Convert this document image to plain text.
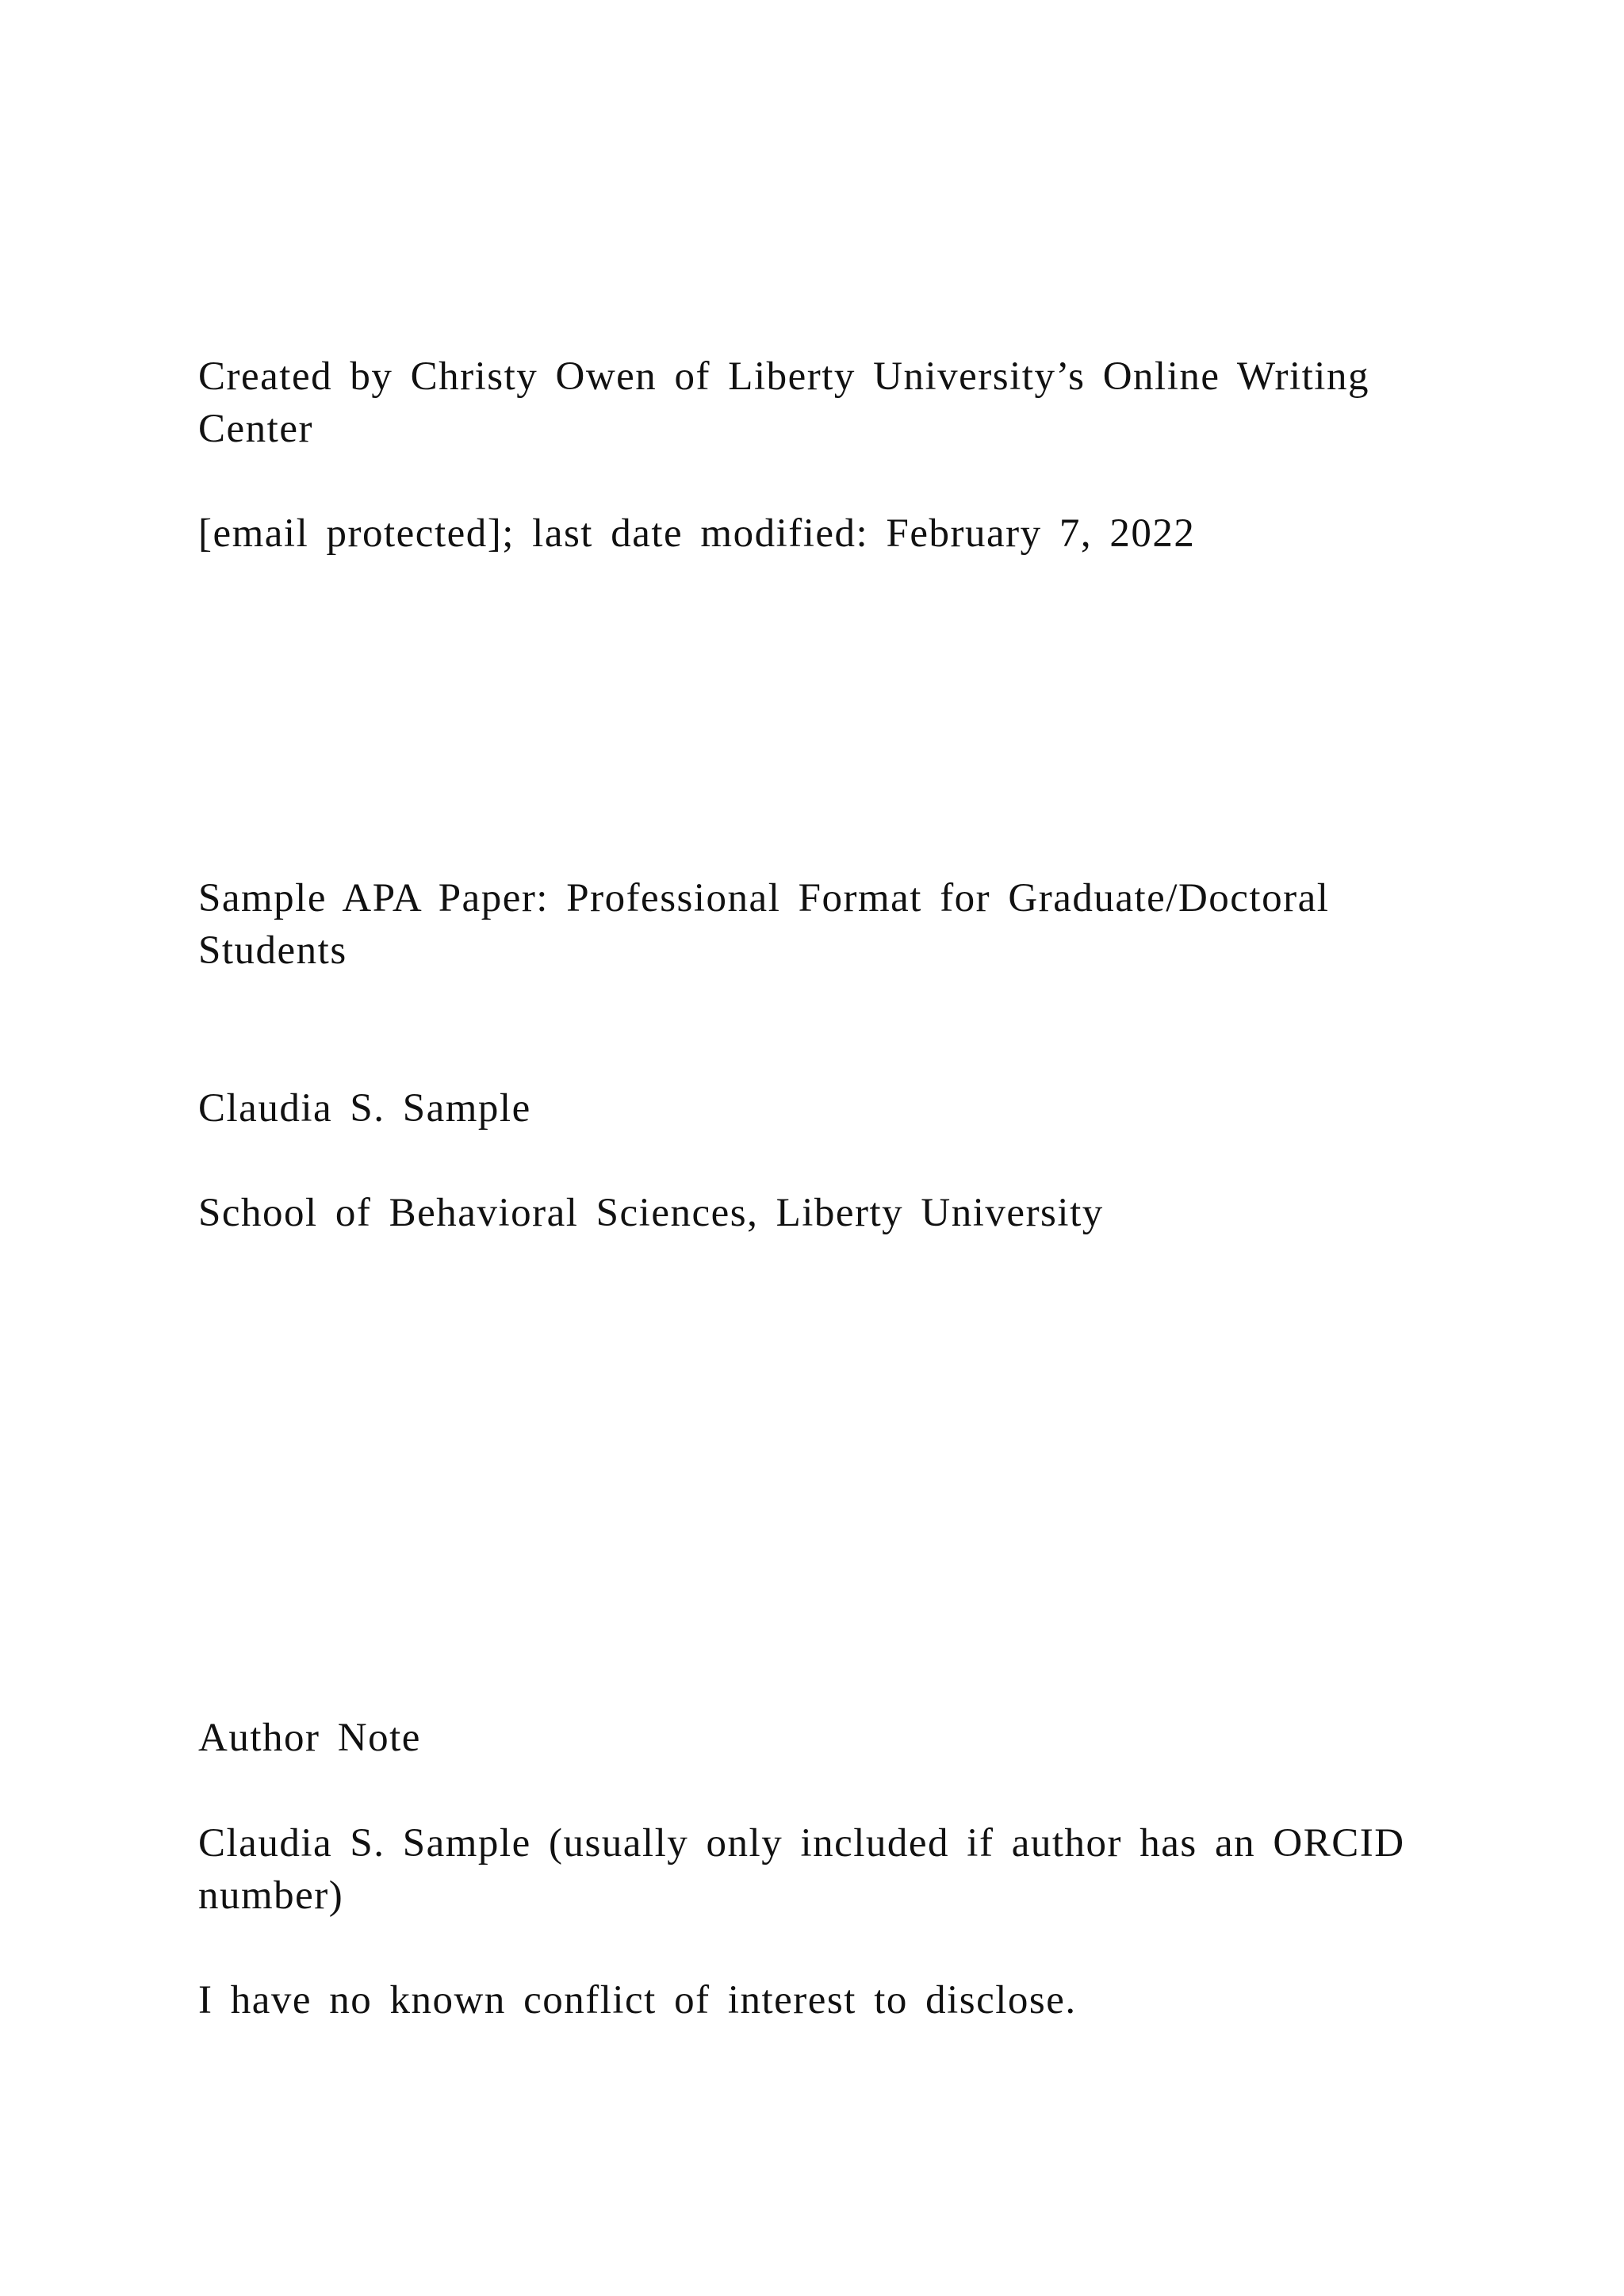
Created by Christy Owen of Liberty University’s Online Writing Center

[email protected]; last date modified: February 7, 2022

Sample APA Paper: Professional Format for Graduate/Doctoral Students

Claudia S. Sample

School of Behavioral Sciences, Liberty University

Author Note

Claudia S. Sample (usually only included if author has an ORCID number)

I have no known conflict of interest to disclose.
